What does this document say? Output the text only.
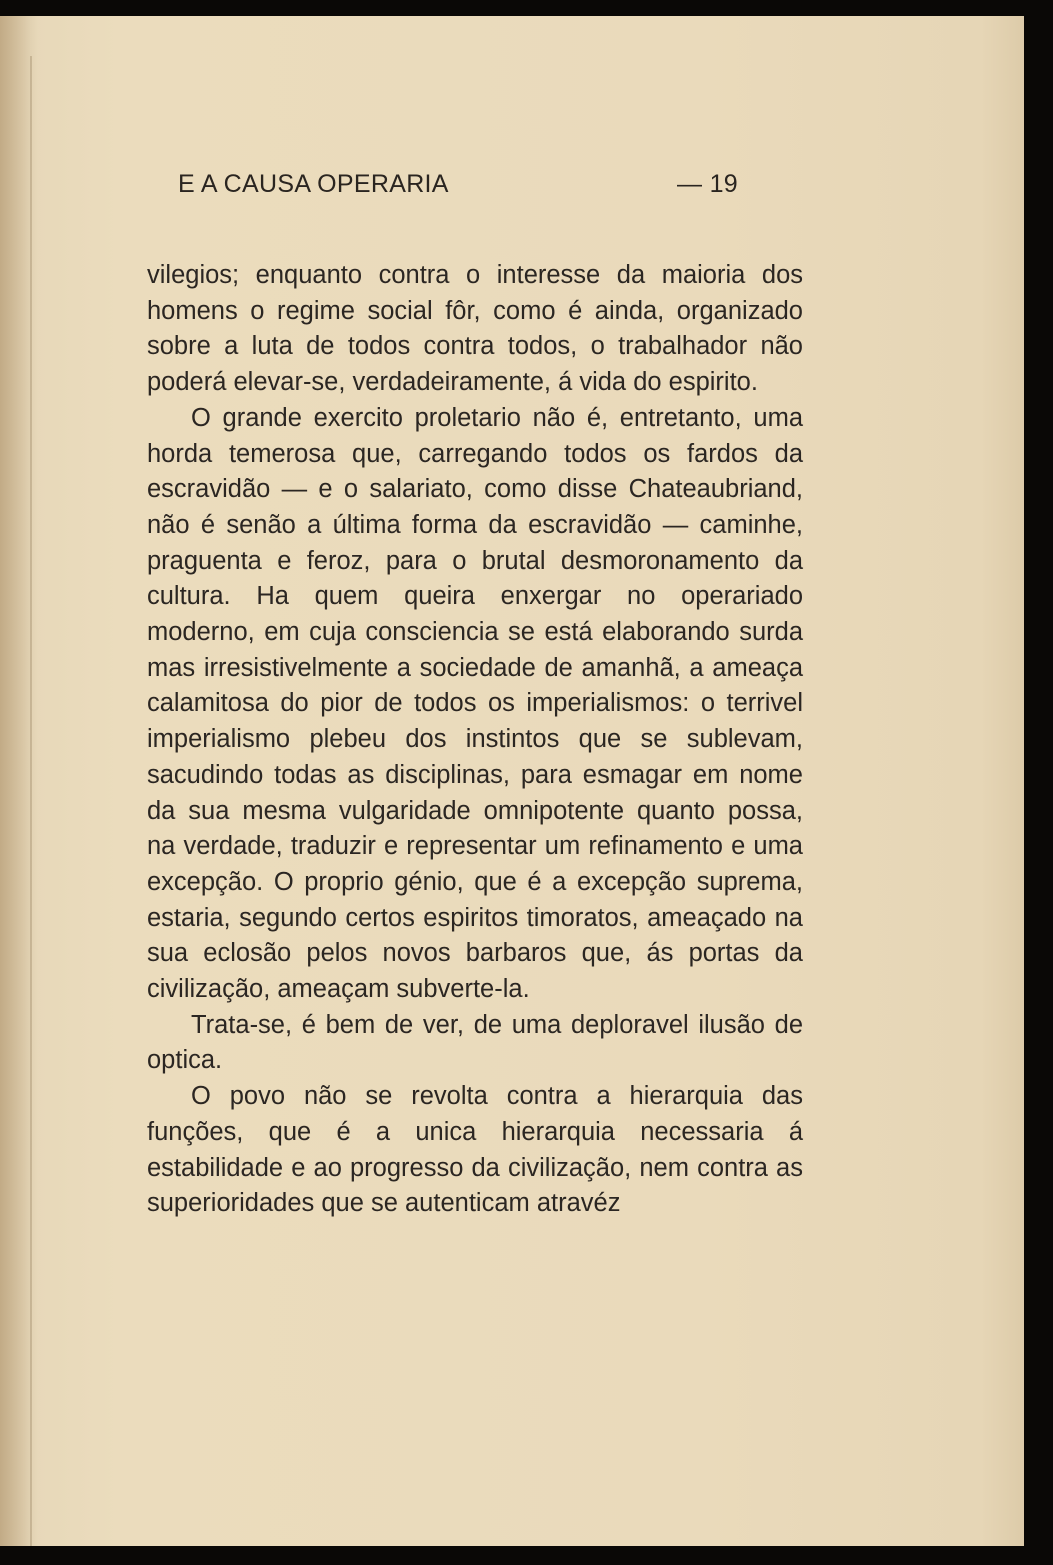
E A CAUSA OPERARIA	— 19

vilegios; enquanto contra o interesse da maioria dos homens o regime social fôr, como é ainda, organizado sobre a luta de todos contra todos, o trabalhador não poderá elevar-se, verdadeiramente, á vida do espirito.

O grande exercito proletario não é, entretanto, uma horda temerosa que, carregando todos os fardos da escravidão — e o salariato, como disse Chateaubriand, não é senão a última forma da escravidão — caminhe, praguenta e feroz, para o brutal desmoronamento da cultura. Ha quem queira enxergar no operariado moderno, em cuja consciencia se está elaborando surda mas irresistivelmente a sociedade de amanhã, a ameaça calamitosa do pior de todos os imperialismos: o terrivel imperialismo plebeu dos instintos que se sublevam, sacudindo todas as disciplinas, para esmagar em nome da sua mesma vulgaridade omnipotente quanto possa, na verdade, traduzir e representar um refinamento e uma excepção. O proprio génio, que é a excepção suprema, estaria, segundo certos espiritos timoratos, ameaçado na sua eclosão pelos novos barbaros que, ás portas da civilização, ameaçam subverte-la.

Trata-se, é bem de ver, de uma deploravel ilusão de optica.

O povo não se revolta contra a hierarquia das funções, que é a unica hierarquia necessaria á estabilidade e ao progresso da civilização, nem contra as superioridades que se autenticam atravéz
